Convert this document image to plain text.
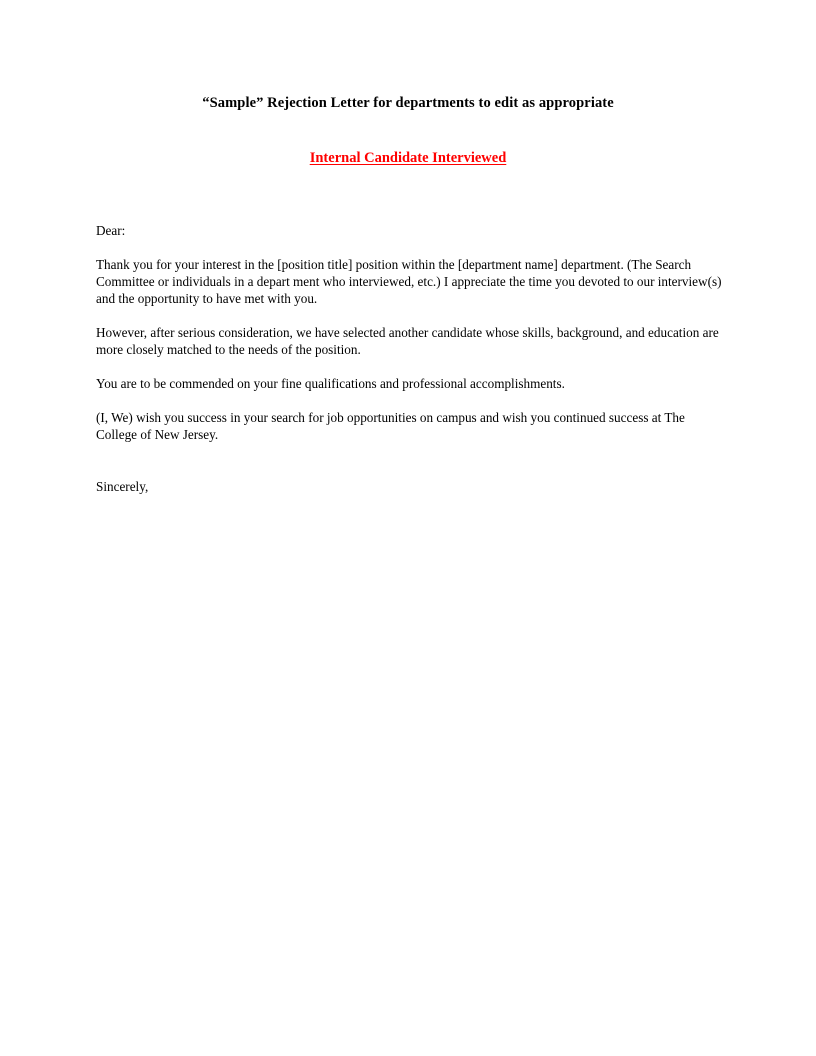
“Sample” Rejection Letter for departments to edit as appropriate
Internal Candidate Interviewed

Dear:

Thank you for your interest in the [position title] position within the [department name] department. (The Search Committee or individuals in a depart ment who interviewed, etc.) I appreciate the time you devoted to our interview(s) and the opportunity to have met with you.

However, after serious consideration, we have selected another candidate whose skills, background, and education are more closely matched to the needs of the position.

You are to be commended on your fine qualifications and professional accomplishments.

(I, We) wish you success in your search for job opportunities on campus and wish you continued success at The College of New Jersey.

Sincerely,
